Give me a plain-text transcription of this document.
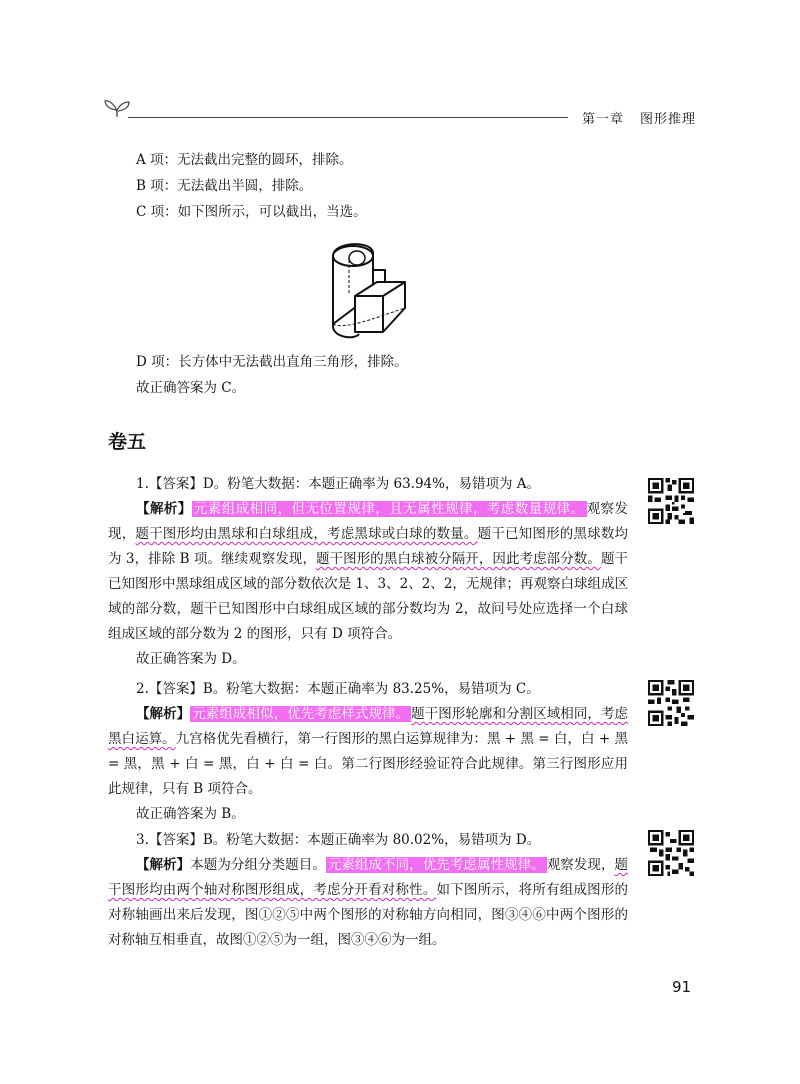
第一章 图形推理
A 项：无法截出完整的圆环，排除。
B 项：无法截出半圆，排除。
C 项：如下图所示，可以截出，当选。
D 项：长方体中无法截出直角三角形，排除。
故正确答案为 C。
卷五

1.【答案】D。粉笔大数据：本题正确率为 63.94%，易错项为 A。

【解析】 元素组成相同，但无位置规律，且无属性规律，考虑数量规律。 观察发现，题干图形均由黑球和白球组成，考虑黑球或白球的数量。题干已知图形的黑球数均为 3，排除 B 项。继续观察发现，题干图形的黑白球被分隔开，因此考虑部分数。题干已知图形中黑球组成区域的部分数依次是 1、3、2、2、2，无规律；再观察白球组成区域的部分数，题干已知图形中白球组成区域的部分数均为 2，故问号处应选择一个白球组成区域的部分数为 2 的图形，只有 D 项符合。

故正确答案为 D。

2.【答案】B。粉笔大数据：本题正确率为 83.25%，易错项为 C。

【解析】 元素组成相似，优先考虑样式规律。 题干图形轮廓和分割区域相同，考虑黑白运算。九宫格优先看横行，第一行图形的黑白运算规律为：黑 + 黑 = 白，白 + 黑 = 黑，黑 + 白 = 黑，白 + 白 = 白。第二行图形经验证符合此规律。第三行图形应用此规律，只有 B 项符合。

故正确答案为 B。

3.【答案】B。粉笔大数据：本题正确率为 80.02%，易错项为 D。

【解析】本题为分组分类题目。 元素组成不同，优先考虑属性规律。 观察发现，题干图形均由两个轴对称图形组成，考虑分开看对称性。如下图所示，将所有组成图形的对称轴画出来后发现，图①②⑤中两个图形的对称轴方向相同，图③④⑥中两个图形的对称轴互相垂直，故图①②⑤为一组，图③④⑥为一组。

91
